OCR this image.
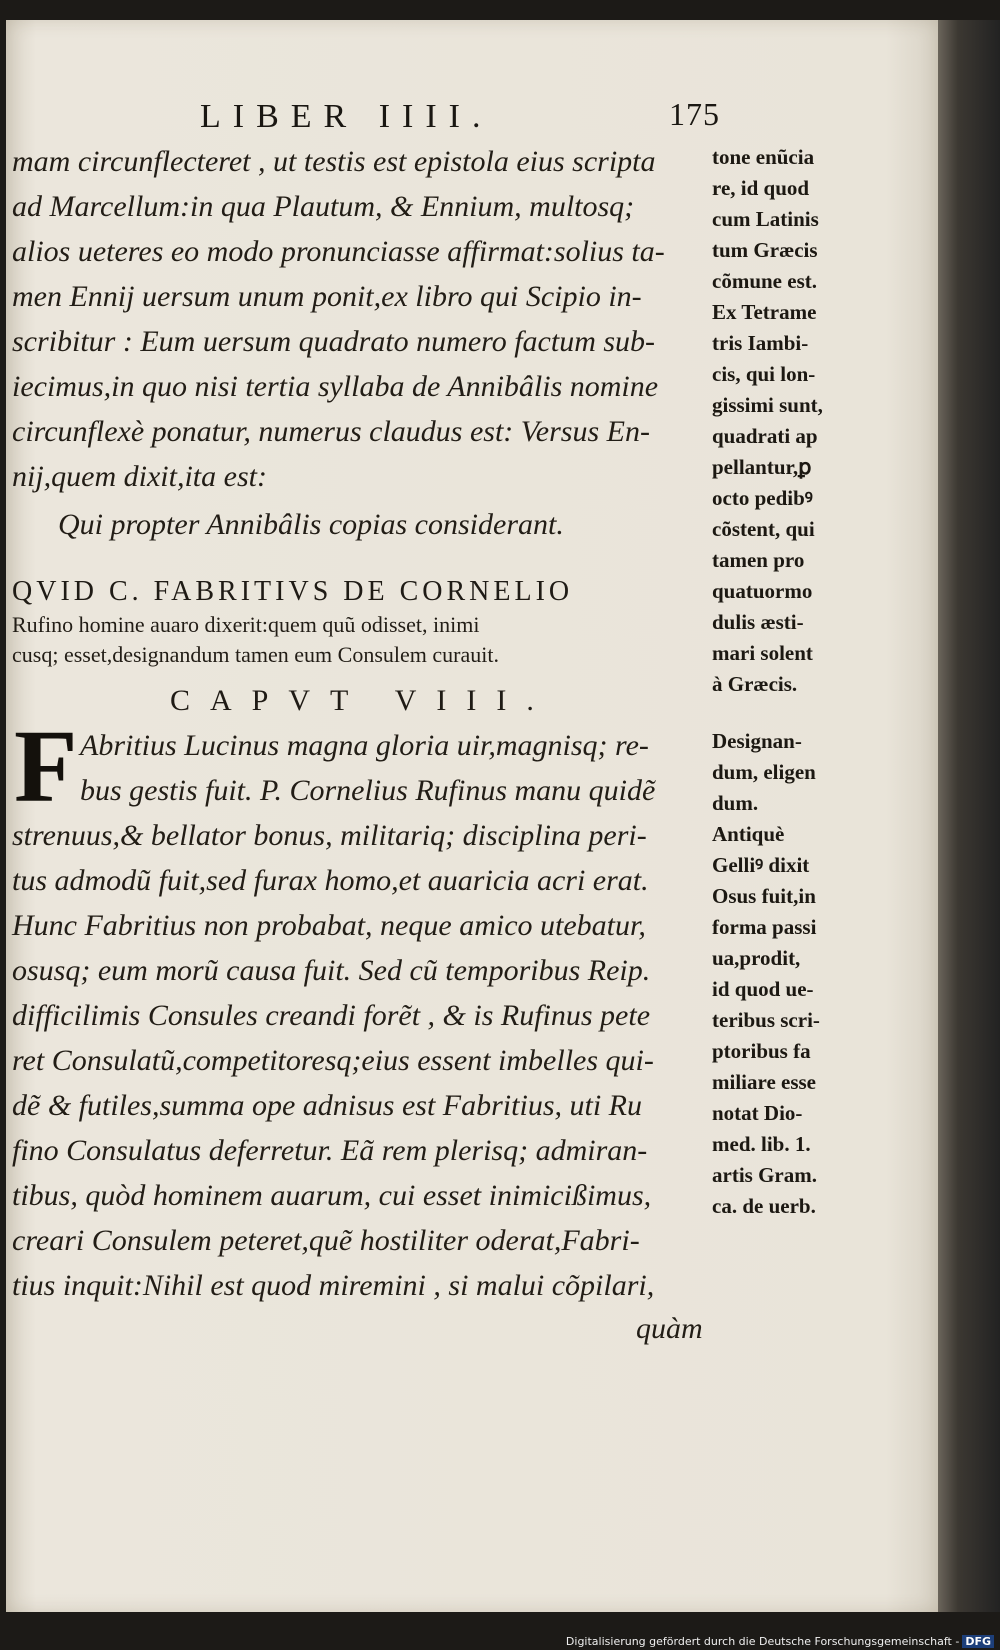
LIBER IIII.	175
mam circunflecteret , ut testis est epistola eius scripta
ad Marcellum:in qua Plautum, & Ennium, multosq;
alios ueteres eo modo pronunciasse affirmat:solius ta-
men Ennij uersum unum ponit,ex libro qui Scipio in-
scribitur : Eum uersum quadrato numero factum sub-
iecimus,in quo nisi tertia syllaba de Annibâlis nomine
circunflexè ponatur, numerus claudus est: Versus En-
nij,quem dixit,ita est:
Qui propter Annibâlis copias considerant.
QVID C. FABRITIVS DE CORNELIO
Rufino homine auaro dixerit:quem quũ odisset, inimi
cusq; esset,designandum tamen eum Consulem curauit.
CAPVT VIII.
F Abritius Lucinus magna gloria uir,magnisq; re-
bus gestis fuit. P. Cornelius Rufinus manu quidẽ
strenuus,& bellator bonus, militariq; disciplina peri-
tus admodũ fuit,sed furax homo,et auaricia acri erat.
Hunc Fabritius non probabat, neque amico utebatur,
osusq; eum morũ causa fuit. Sed cũ temporibus Reip.
difficilimis Consules creandi forẽt , & is Rufinus pete
ret Consulatũ,competitoresq;eius essent imbelles qui-
dẽ & futiles,summa ope adnisus est Fabritius, uti Ru
fino Consulatus deferretur. Eã rem plerisq; admiran-
tibus, quòd hominem auarum, cui esset inimicißimus,
creari Consulem peteret,quẽ hostiliter oderat,Fabri-
tius inquit:Nihil est quod miremini , si malui cõpilari,
quàm
tone enũcia
re, id quod
cum Latinis
tum Græcis
cõmune est.
Ex Tetrame
tris Iambi-
cis, qui lon-
gissimi sunt,
quadrati ap
pellantur,ꝑ
octo pedibꝰ
cõstent, qui
tamen pro
quatuormo
dulis æsti-
mari solent
à Græcis.
Designan-
dum, eligen
dum.
Antiquè
Gelliꝰ dixit
Osus fuit,in
forma passi
ua,prodit,
id quod ue-
teribus scri-
ptoribus fa
miliare esse
notat Dio-
med. lib. 1.
artis Gram.
ca. de uerb.
Digitalisierung gefördert durch die Deutsche Forschungsgemeinschaft - DFG
